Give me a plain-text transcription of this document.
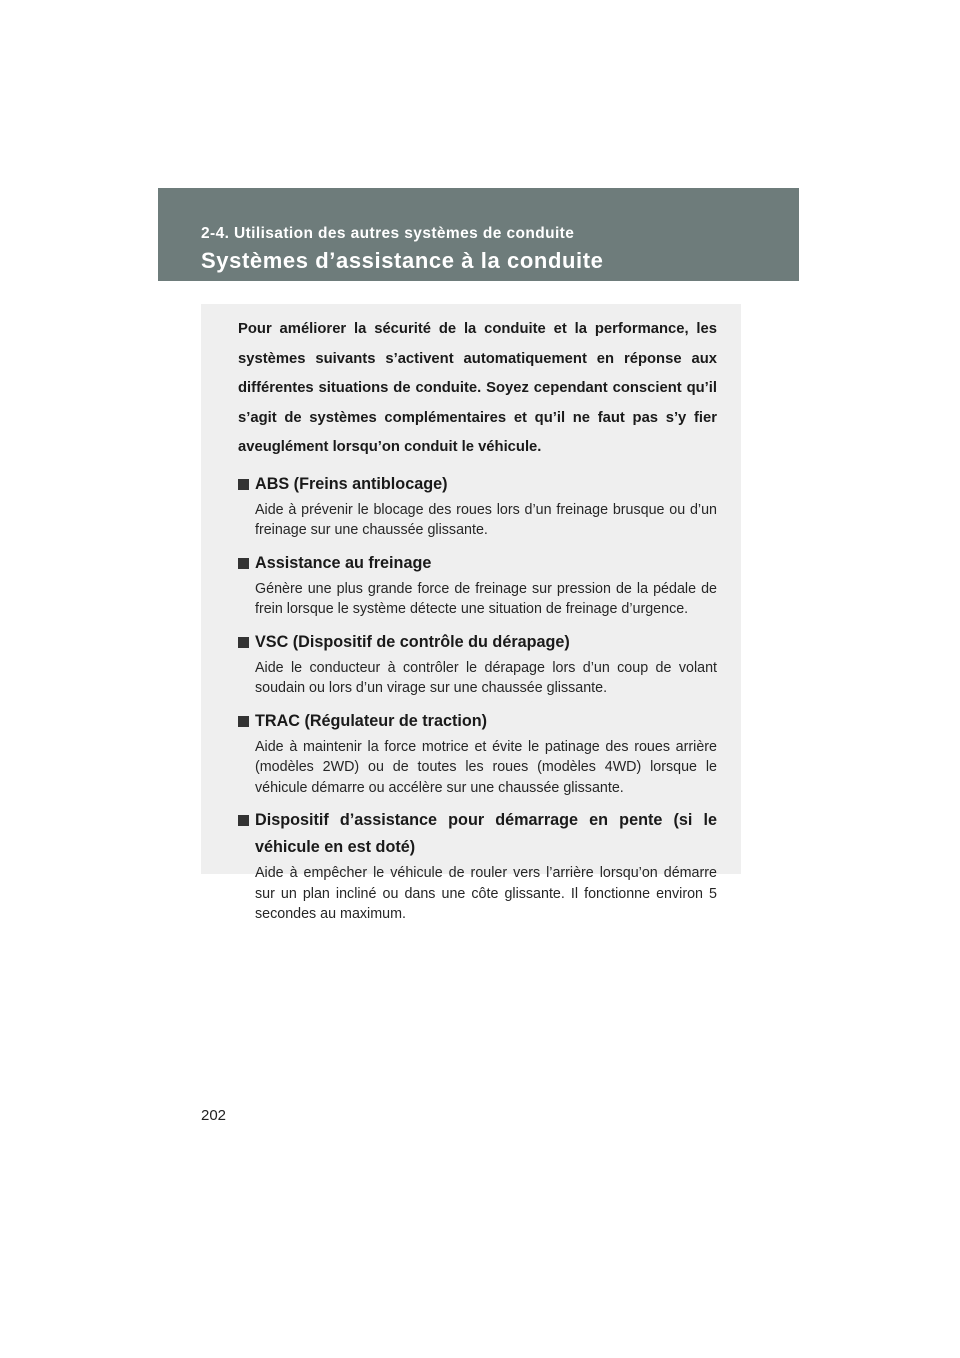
2-4. Utilisation des autres systèmes de conduite
Systèmes d’assistance à la conduite

Pour améliorer la sécurité de la conduite et la performance, les systèmes suivants s’activent automatiquement en réponse aux différentes situations de conduite. Soyez cependant conscient qu’il s’agit de systèmes complémentaires et qu’il ne faut pas s’y fier aveuglément lorsqu’on conduit le véhicule.

ABS (Freins antiblocage)
Aide à prévenir le blocage des roues lors d’un freinage brusque ou d’un freinage sur une chaussée glissante.
Assistance au freinage
Génère une plus grande force de freinage sur pression de la pédale de frein lorsque le système détecte une situation de freinage d’urgence.
VSC (Dispositif de contrôle du dérapage)
Aide le conducteur à contrôler le dérapage lors d’un coup de volant soudain ou lors d’un virage sur une chaussée glissante.
TRAC (Régulateur de traction)
Aide à maintenir la force motrice et évite le patinage des roues arrière (modèles 2WD) ou de toutes les roues (modèles 4WD) lorsque le véhicule démarre ou accélère sur une chaussée glissante.
Dispositif d’assistance pour démarrage en pente (si le véhicule en est doté)
Aide à empêcher le véhicule de rouler vers l’arrière lorsqu’on démarre sur un plan incliné ou dans une côte glissante. Il fonctionne environ 5 secondes au maximum.
202
